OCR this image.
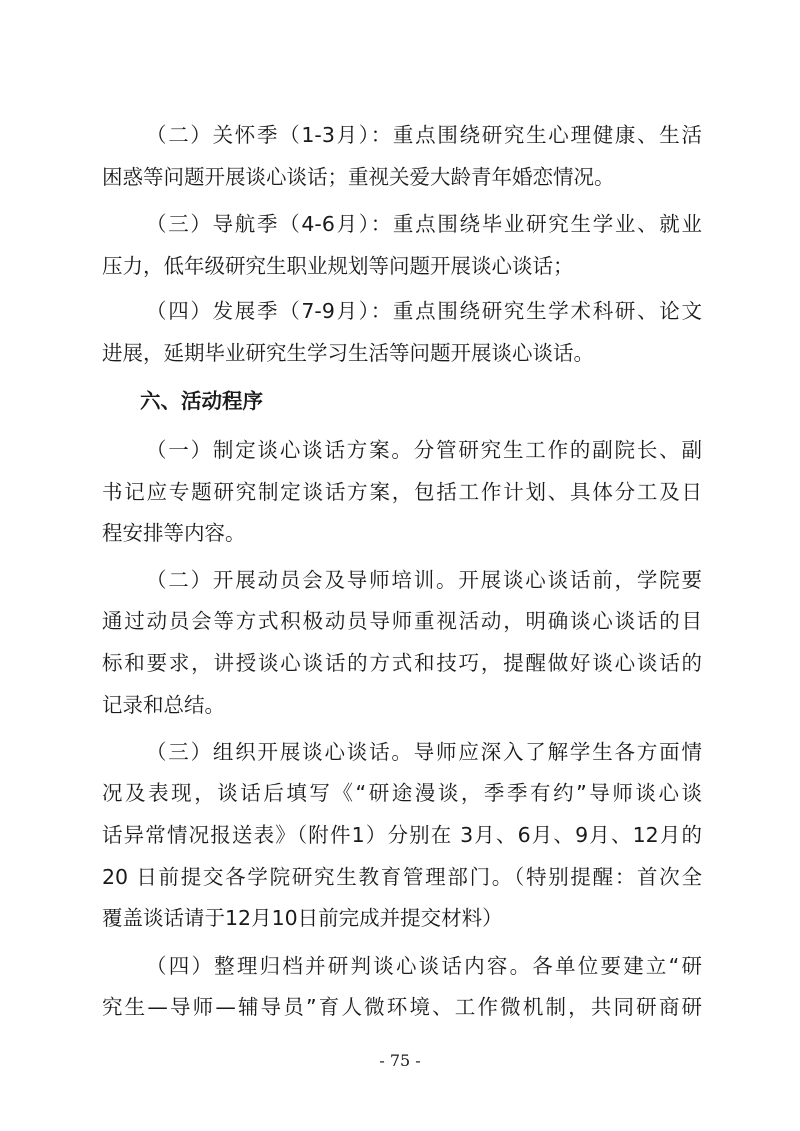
（二）关怀季（1-3月）：重点围绕研究生心理健康、生活
困惑等问题开展谈心谈话；重视关爱大龄青年婚恋情况。
（三）导航季（4-6月）：重点围绕毕业研究生学业、就业
压力，低年级研究生职业规划等问题开展谈心谈话；
（四）发展季（7-9月）：重点围绕研究生学术科研、论文
进展，延期毕业研究生学习生活等问题开展谈心谈话。
六、活动程序
（一）制定谈心谈话方案。分管研究生工作的副院长、副
书记应专题研究制定谈话方案，包括工作计划、具体分工及日
程安排等内容。
（二）开展动员会及导师培训。开展谈心谈话前，学院要
通过动员会等方式积极动员导师重视活动，明确谈心谈话的目
标和要求，讲授谈心谈话的方式和技巧，提醒做好谈心谈话的
记录和总结。
（三）组织开展谈心谈话。导师应深入了解学生各方面情
况及表现，谈话后填写《“研途漫谈，季季有约”导师谈心谈
话异常情况报送表》（附件1）分别在 3月、6月、9月、12月的
20 日前提交各学院研究生教育管理部门。（特别提醒：首次全
覆盖谈话请于12月10日前完成并提交材料）
（四）整理归档并研判谈心谈话内容。各单位要建立“研
究生—导师—辅导员”育人微环境、工作微机制，共同研商研
- 75 -
